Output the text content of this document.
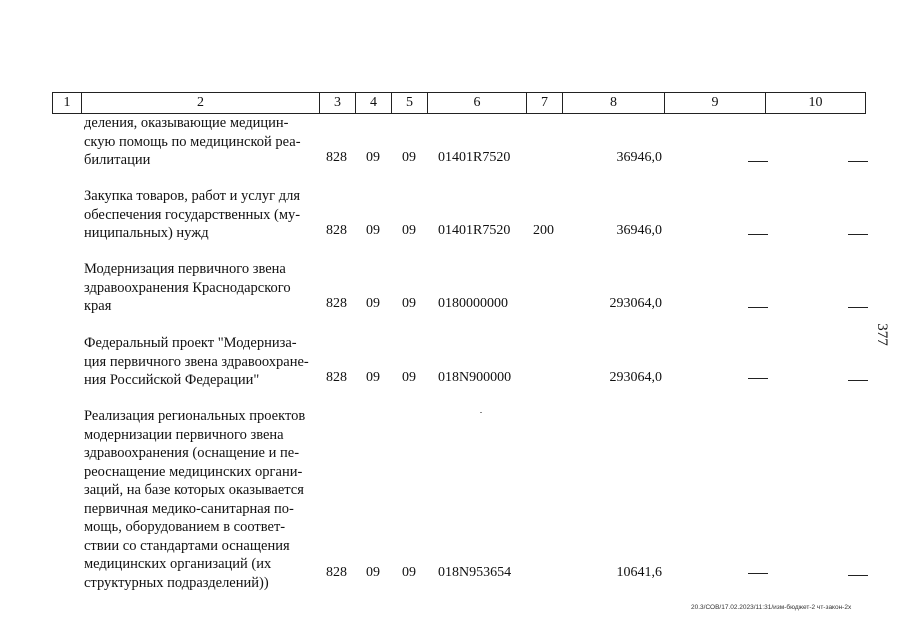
1	2	3	4	5	6	7	8	9	10
деления, оказывающие медицин-
скую помощь по медицинской реа-
билитации	828 09 09 01401R7520	36946,0
Закупка товаров, работ и услуг для
обеспечения государственных (му-
ниципальных) нужд	828 09 09 01401R7520 200	36946,0
Модернизация первичного звена
здравоохранения Краснодарского
края	828 09 09 0180000000	293064,0
Федеральный проект "Модерниза-
ция первичного звена здравоохране-
ния Российской Федерации"	828 09 09 018N900000	293064,0
Реализация региональных проектов
модернизации первичного звена
здравоохранения (оснащение и пе-
реоснащение медицинских органи-
заций, на базе которых оказывается
первичная медико-санитарная по-
мощь, оборудованием в соответ-
ствии со стандартами оснащения
медицинских организаций (их
структурных подразделений))
828 09 09 018N953654	10641,6
377
20.3/СОВ/17.02.2023/11:31/изм-бюджет-2 чт-закон-2х
